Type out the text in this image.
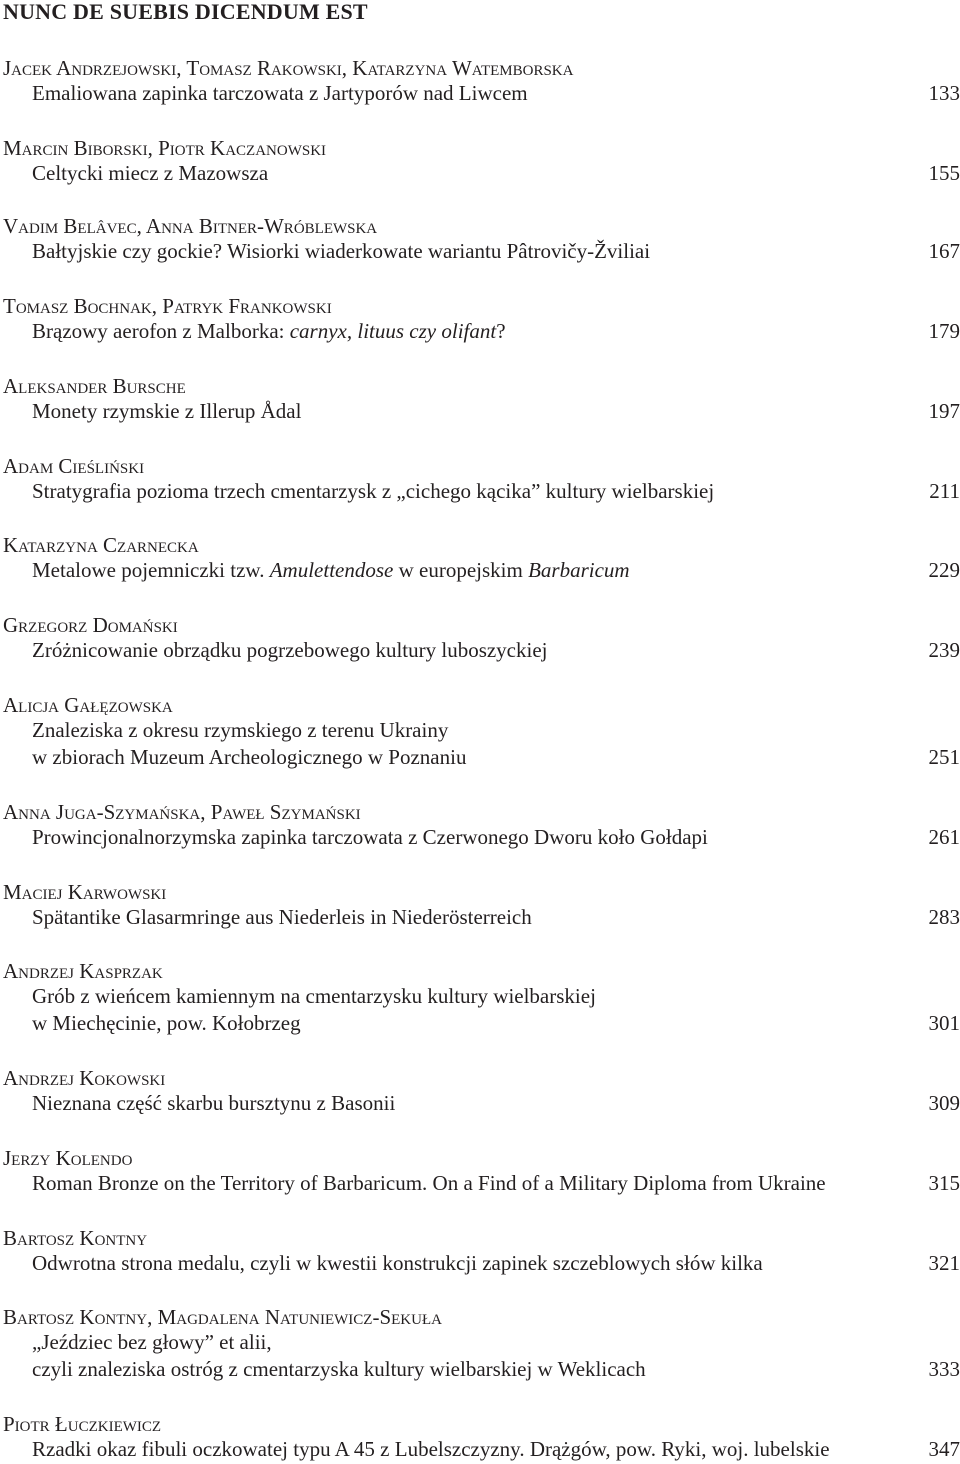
NUNC DE SUEBIS DICENDUM EST
Jacek Andrzejowski, Tomasz Rakowski, Katarzyna Watemborska
Emaliowana zapinka tarczowata z Jartyporów nad Liwcem	133
Marcin Biborski, Piotr Kaczanowski
Celtycki miecz z Mazowsza	155
Vadim Belâvec, Anna Bitner-Wróblewska
Bałtyjskie czy gockie? Wisiorki wiaderkowate wariantu Pâtrovičy-Žviliai	167
Tomasz Bochnak, Patryk Frankowski
Brązowy aerofon z Malborka: carnyx, lituus czy olifant?	179
Aleksander Bursche
Monety rzymskie z Illerup Ådal	197
Adam Cieśliński
Stratygrafia pozioma trzech cmentarzysk z „cichego kącika” kultury wielbarskiej	211
Katarzyna Czarnecka
Metalowe pojemniczki tzw. Amulettendose w europejskim Barbaricum	229
Grzegorz Domański
Zróżnicowanie obrządku pogrzebowego kultury luboszyckiej	239
Alicja Gałęzowska
Znaleziska z okresu rzymskiego z terenu Ukrainy
w zbiorach Muzeum Archeologicznego w Poznaniu	251
Anna Juga-Szymańska, Paweł Szymański
Prowincjonalnorzymska zapinka tarczowata z Czerwonego Dworu koło Gołdapi	261
Maciej Karwowski
Spätantike Glasarmringe aus Niederleis in Niederösterreich	283
Andrzej Kasprzak
Grób z wieńcem kamiennym na cmentarzysku kultury wielbarskiej
w Miechęcinie, pow. Kołobrzeg	301
Andrzej Kokowski
Nieznana część skarbu bursztynu z Basonii	309
Jerzy Kolendo
Roman Bronze on the Territory of Barbaricum. On a Find of a Military Diploma from Ukraine	315
Bartosz Kontny
Odwrotna strona medalu, czyli w kwestii konstrukcji zapinek szczeblowych słów kilka	321
Bartosz Kontny, Magdalena Natuniewicz-Sekuła
„Jeździec bez głowy” et alii,
czyli znaleziska ostróg z cmentarzyska kultury wielbarskiej w Weklicach	333
Piotr Łuczkiewicz
Rzadki okaz fibuli oczkowatej typu A 45 z Lubelszczyzny. Drążgów, pow. Ryki, woj. lubelskie	347
